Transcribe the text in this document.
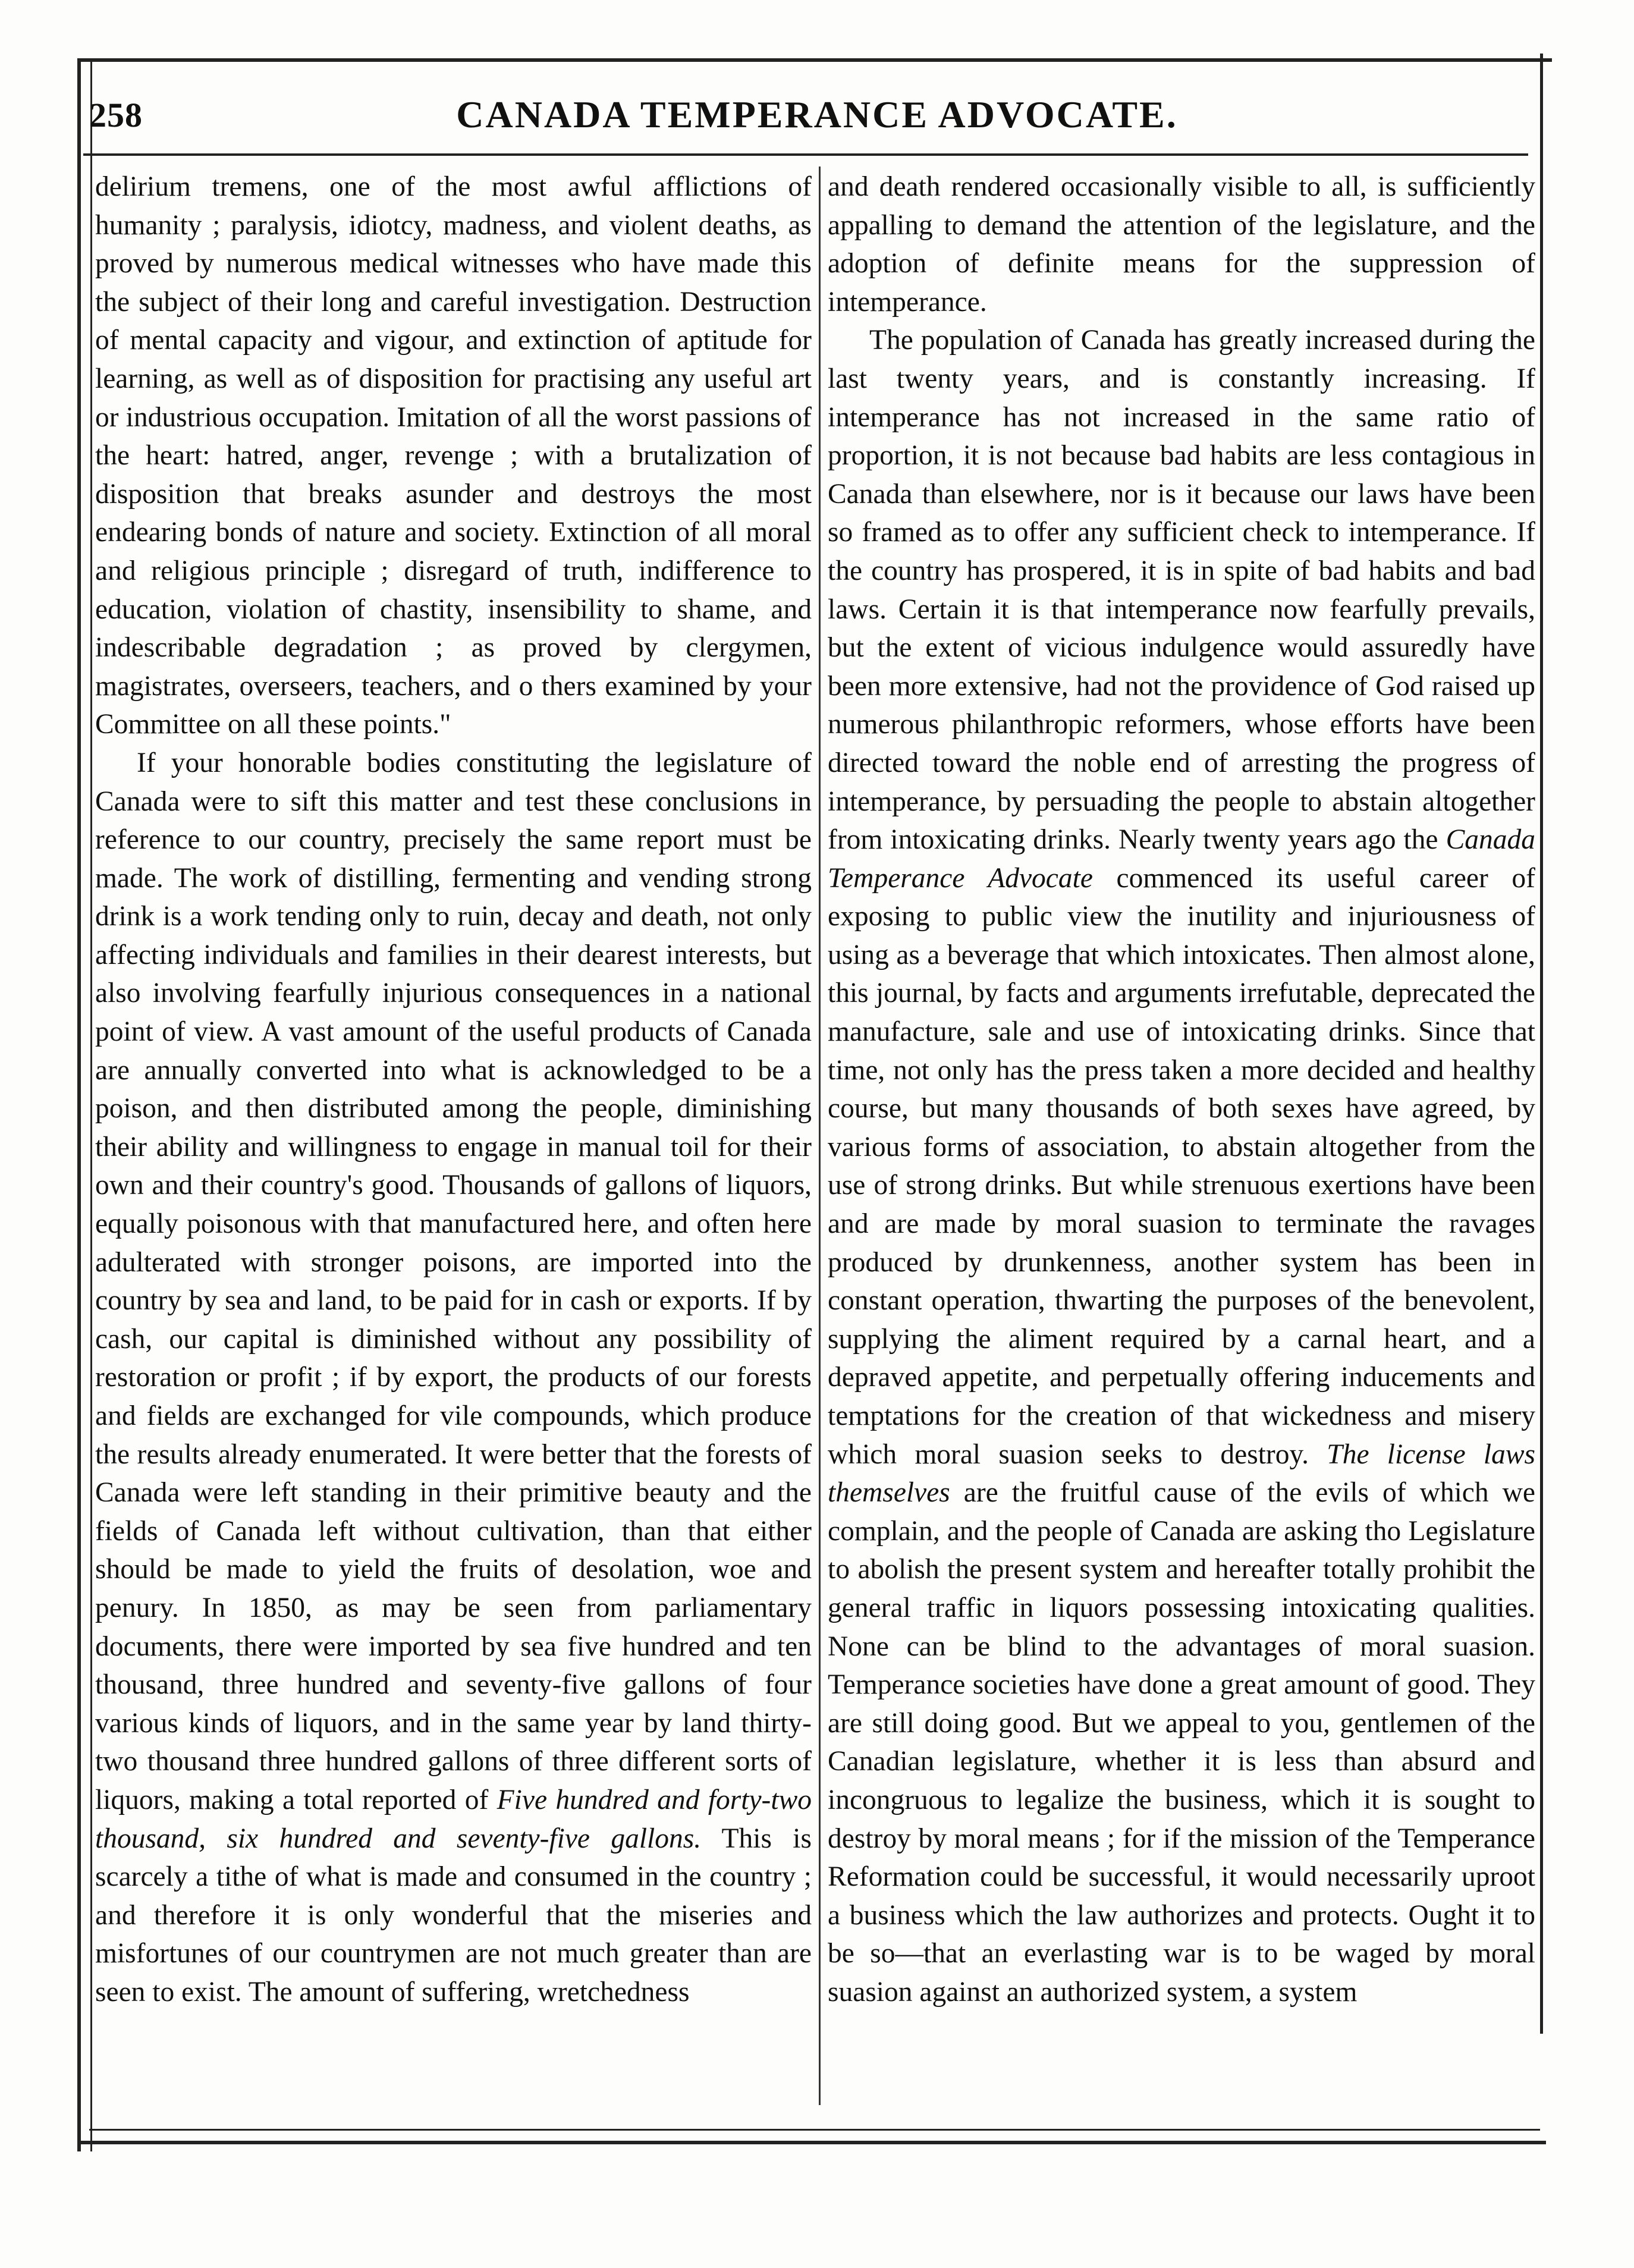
258	CANADA TEMPERANCE ADVOCATE.

delirium tremens, one of the most awful afflictions of humanity ; paralysis, idiotcy, madness, and violent deaths, as proved by numerous medical witnesses who have made this the subject of their long and careful investigation. Destruction of mental capacity and vigour, and extinction of aptitude for learning, as well as of disposition for practising any useful art or industrious occupation. Imitation of all the worst passions of the heart: hatred, anger, revenge ; with a brutalization of disposition that breaks asunder and destroys the most endearing bonds of nature and society. Extinction of all moral and religious principle ; disregard of truth, indifference to education, violation of chastity, insensibility to shame, and indescribable degradation ; as proved by clergymen, magistrates, overseers, teachers, and o thers examined by your Committee on all these points."

If your honorable bodies constituting the legislature of Canada were to sift this matter and test these conclusions in reference to our country, precisely the same report must be made. The work of distilling, fermenting and vending strong drink is a work tending only to ruin, decay and death, not only affecting individuals and families in their dearest interests, but also involving fearfully injurious consequences in a national point of view. A vast amount of the useful products of Canada are annually converted into what is acknowledged to be a poison, and then distributed among the people, diminishing their ability and willingness to engage in manual toil for their own and their country's good. Thousands of gallons of liquors, equally poisonous with that manufactured here, and often here adulterated with stronger poisons, are imported into the country by sea and land, to be paid for in cash or exports. If by cash, our capital is diminished without any possibility of restoration or profit ; if by export, the products of our forests and fields are exchanged for vile compounds, which produce the results already enumerated. It were better that the forests of Canada were left standing in their primitive beauty and the fields of Canada left without cultivation, than that either should be made to yield the fruits of desolation, woe and penury. In 1850, as may be seen from parliamentary documents, there were imported by sea five hundred and ten thousand, three hundred and seventy-five gallons of four various kinds of liquors, and in the same year by land thirty-two thousand three hundred gallons of three different sorts of liquors, making a total reported of Five hundred and forty-two thousand, six hundred and seventy-five gallons. This is scarcely a tithe of what is made and consumed in the country ; and therefore it is only wonderful that the miseries and misfortunes of our countrymen are not much greater than are seen to exist. The amount of suffering, wretchedness

and death rendered occasionally visible to all, is sufficiently appalling to demand the attention of the legislature, and the adoption of definite means for the suppression of intemperance.

The population of Canada has greatly increased during the last twenty years, and is constantly increasing. If intemperance has not increased in the same ratio of proportion, it is not because bad habits are less contagious in Canada than elsewhere, nor is it because our laws have been so framed as to offer any sufficient check to intemperance. If the country has prospered, it is in spite of bad habits and bad laws. Certain it is that intemperance now fearfully prevails, but the extent of vicious indulgence would assuredly have been more extensive, had not the providence of God raised up numerous philanthropic reformers, whose efforts have been directed toward the noble end of arresting the progress of intemperance, by persuading the people to abstain altogether from intoxicating drinks. Nearly twenty years ago the Canada Temperance Advocate commenced its useful career of exposing to public view the inutility and injuriousness of using as a beverage that which intoxicates. Then almost alone, this journal, by facts and arguments irrefutable, deprecated the manufacture, sale and use of intoxicating drinks. Since that time, not only has the press taken a more decided and healthy course, but many thousands of both sexes have agreed, by various forms of association, to abstain altogether from the use of strong drinks. But while strenuous exertions have been and are made by moral suasion to terminate the ravages produced by drunkenness, another system has been in constant operation, thwarting the purposes of the benevolent, supplying the aliment required by a carnal heart, and a depraved appetite, and perpetually offering inducements and temptations for the creation of that wickedness and misery which moral suasion seeks to destroy. The license laws themselves are the fruitful cause of the evils of which we complain, and the people of Canada are asking tho Legislature to abolish the present system and hereafter totally prohibit the general traffic in liquors possessing intoxicating qualities. None can be blind to the advantages of moral suasion. Temperance societies have done a great amount of good. They are still doing good. But we appeal to you, gentlemen of the Canadian legislature, whether it is less than absurd and incongruous to legalize the business, which it is sought to destroy by moral means ; for if the mission of the Temperance Reformation could be successful, it would necessarily uproot a business which the law authorizes and protects. Ought it to be so—that an everlasting war is to be waged by moral suasion against an authorized system, a system
